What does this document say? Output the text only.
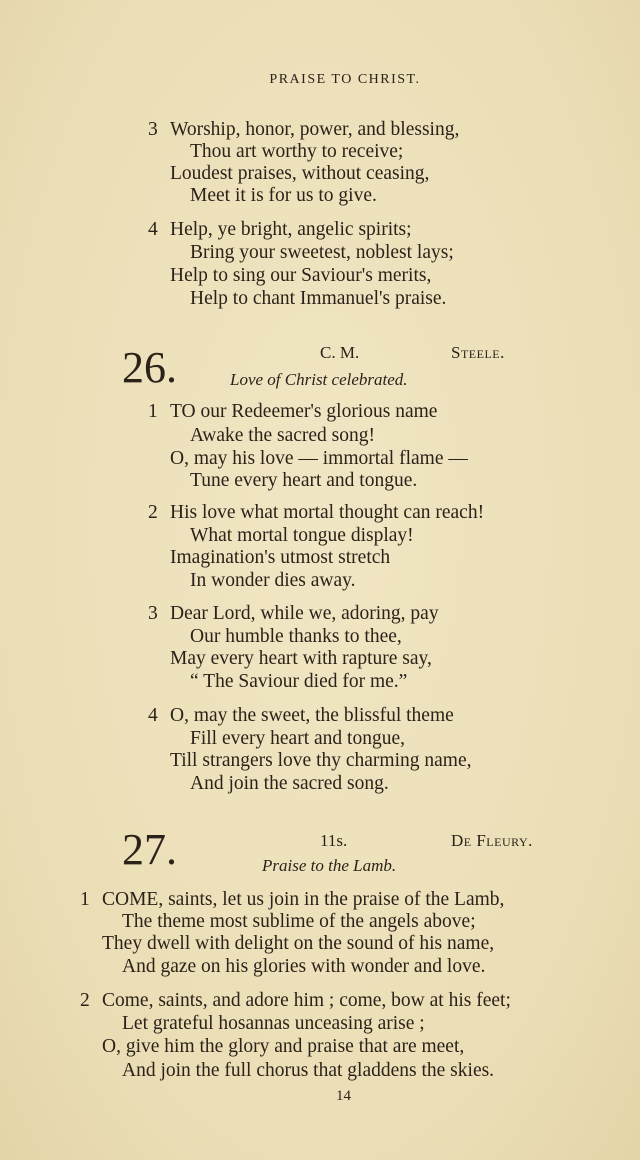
PRAISE TO CHRIST.
3 Worship, honor, power, and blessing,
Thou art worthy to receive;
Loudest praises, without ceasing,
Meet it is for us to give.
4 Help, ye bright, angelic spirits;
Bring your sweetest, noblest lays;
Help to sing our Saviour's merits,
Help to chant Immanuel's praise.
26.	C. M.	Steele.
Love of Christ celebrated.
1 TO our Redeemer's glorious name
Awake the sacred song!
O, may his love — immortal flame —
Tune every heart and tongue.
2 His love what mortal thought can reach!
What mortal tongue display!
Imagination's utmost stretch
In wonder dies away.
3 Dear Lord, while we, adoring, pay
Our humble thanks to thee,
May every heart with rapture say,
“ The Saviour died for me.”
4 O, may the sweet, the blissful theme
Fill every heart and tongue,
Till strangers love thy charming name,
And join the sacred song.
27.	11s.	De Fleury.
Praise to the Lamb.
1 COME, saints, let us join in the praise of the Lamb,
The theme most sublime of the angels above;
They dwell with delight on the sound of his name,
And gaze on his glories with wonder and love.
2 Come, saints, and adore him ; come, bow at his feet;
Let grateful hosannas unceasing arise ;
O, give him the glory and praise that are meet,
And join the full chorus that gladdens the skies.
14
